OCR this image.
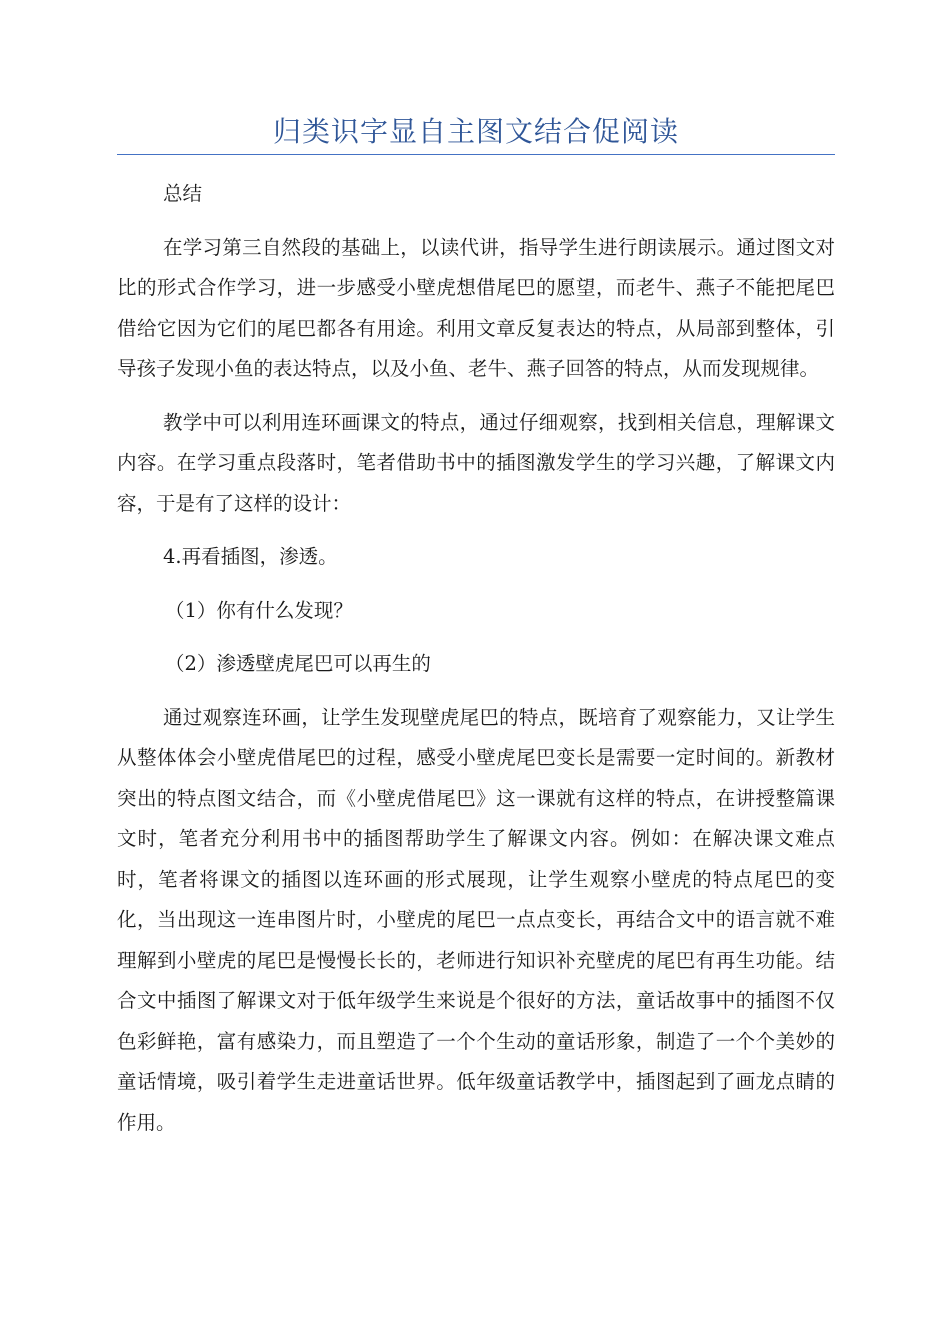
归类识字显自主图文结合促阅读

总结

在学习第三自然段的基础上，以读代讲，指导学生进行朗读展示。通过图文对比的形式合作学习，进一步感受小壁虎想借尾巴的愿望，而老牛、燕子不能把尾巴借给它因为它们的尾巴都各有用途。利用文章反复表达的特点，从局部到整体，引导孩子发现小鱼的表达特点，以及小鱼、老牛、燕子回答的特点，从而发现规律。

教学中可以利用连环画课文的特点，通过仔细观察，找到相关信息，理解课文内容。在学习重点段落时，笔者借助书中的插图激发学生的学习兴趣，了解课文内容，于是有了这样的设计：

4.再看插图，渗透。

（1）你有什么发现？

（2）渗透壁虎尾巴可以再生的

通过观察连环画，让学生发现壁虎尾巴的特点，既培育了观察能力，又让学生从整体体会小壁虎借尾巴的过程，感受小壁虎尾巴变长是需要一定时间的。新教材突出的特点图文结合，而《小壁虎借尾巴》这一课就有这样的特点，在讲授整篇课文时，笔者充分利用书中的插图帮助学生了解课文内容。例如：在解决课文难点时，笔者将课文的插图以连环画的形式展现，让学生观察小壁虎的特点尾巴的变化，当出现这一连串图片时，小壁虎的尾巴一点点变长，再结合文中的语言就不难理解到小壁虎的尾巴是慢慢长长的，老师进行知识补充壁虎的尾巴有再生功能。结合文中插图了解课文对于低年级学生来说是个很好的方法，童话故事中的插图不仅色彩鲜艳，富有感染力，而且塑造了一个个生动的童话形象，制造了一个个美妙的童话情境，吸引着学生走进童话世界。低年级童话教学中，插图起到了画龙点睛的作用。
